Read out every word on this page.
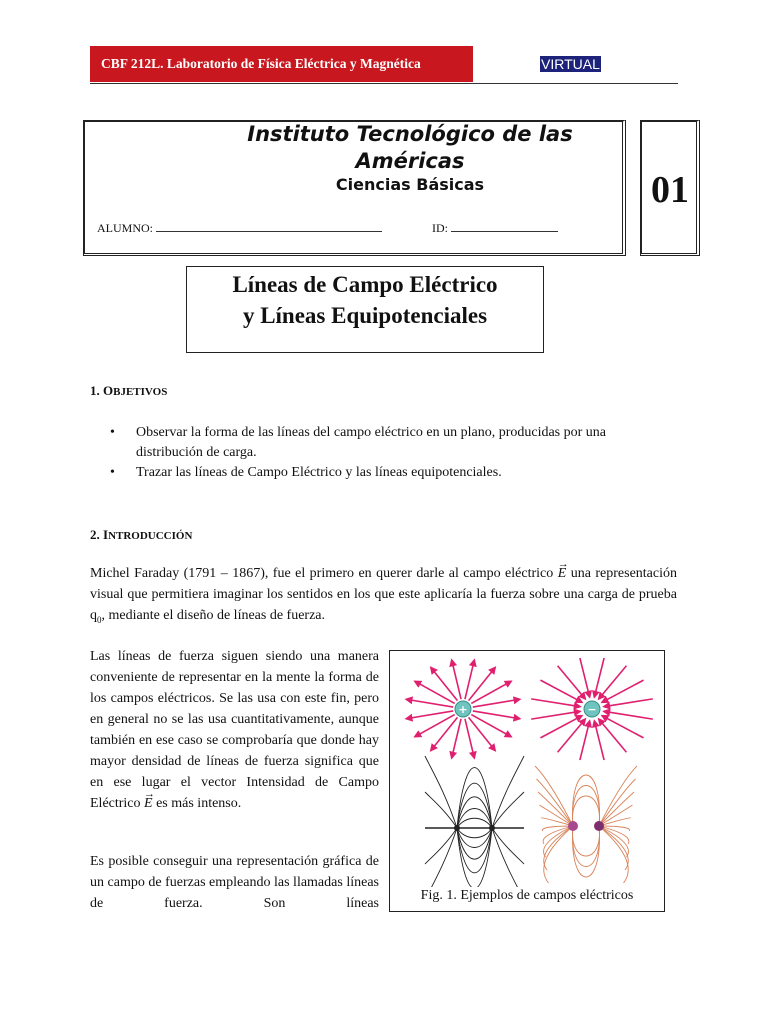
CBF 212L. Laboratorio de Física Eléctrica y Magnética	VIRTUAL
Instituto Tecnológico de las
Américas
Ciencias Básicas
ALUMNO:	ID:
01
Líneas de Campo Eléctrico
y Líneas Equipotenciales
1. OBJETIVOS
• Observar la forma de las líneas del campo eléctrico en un plano, producidas por una distribución de carga.
• Trazar las líneas de Campo Eléctrico y las líneas equipotenciales.
2. INTRODUCCIÓN
Michel Faraday (1791 – 1867), fue el primero en querer darle al campo eléctrico → E una representación visual que permitiera imaginar los sentidos en los que este aplicaría la fuerza sobre una carga de prueba $q_0$, mediante el diseño de líneas de fuerza.
Las líneas de fuerza siguen siendo una manera conveniente de representar en la mente la forma de los campos eléctricos. Se las usa con este fin, pero en general no se las usa cuantitativamente, aunque también en ese caso se comprobaría que donde hay mayor densidad de líneas de fuerza significa que en ese lugar el vector Intensidad de Campo Eléctrico → E es más intenso.
Es posible conseguir una representación gráfica de un campo de fuerzas empleando las llamadas líneas de fuerza. Son líneas
+	−
Fig. 1. Ejemplos de campos eléctricos
